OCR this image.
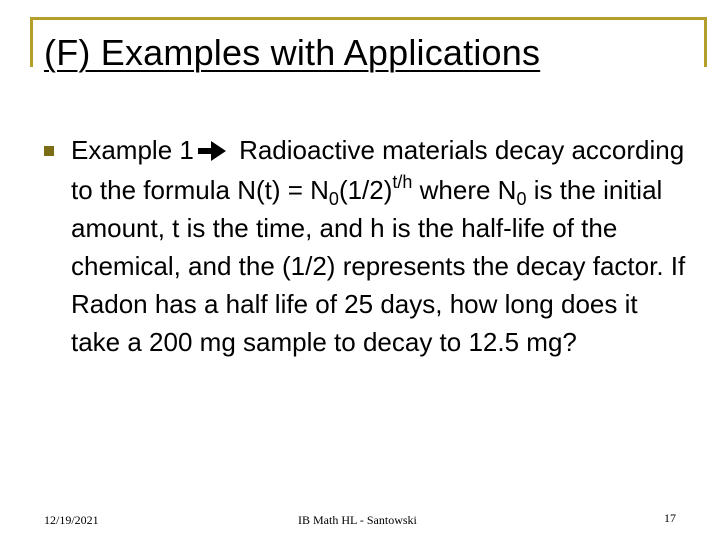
(F) Examples with Applications

Example 1 Radioactive materials decay according to the formula $N(t) = N_0(1/2)^{t/h}$ where $N_0$ is the initial amount, t is the time, and h is the half-life of the chemical, and the (1/2) represents the decay factor. If Radon has a half life of 25 days, how long does it take a 200 mg sample to decay to 12.5 mg?

12/19/2021	IB Math HL - Santowski	17
